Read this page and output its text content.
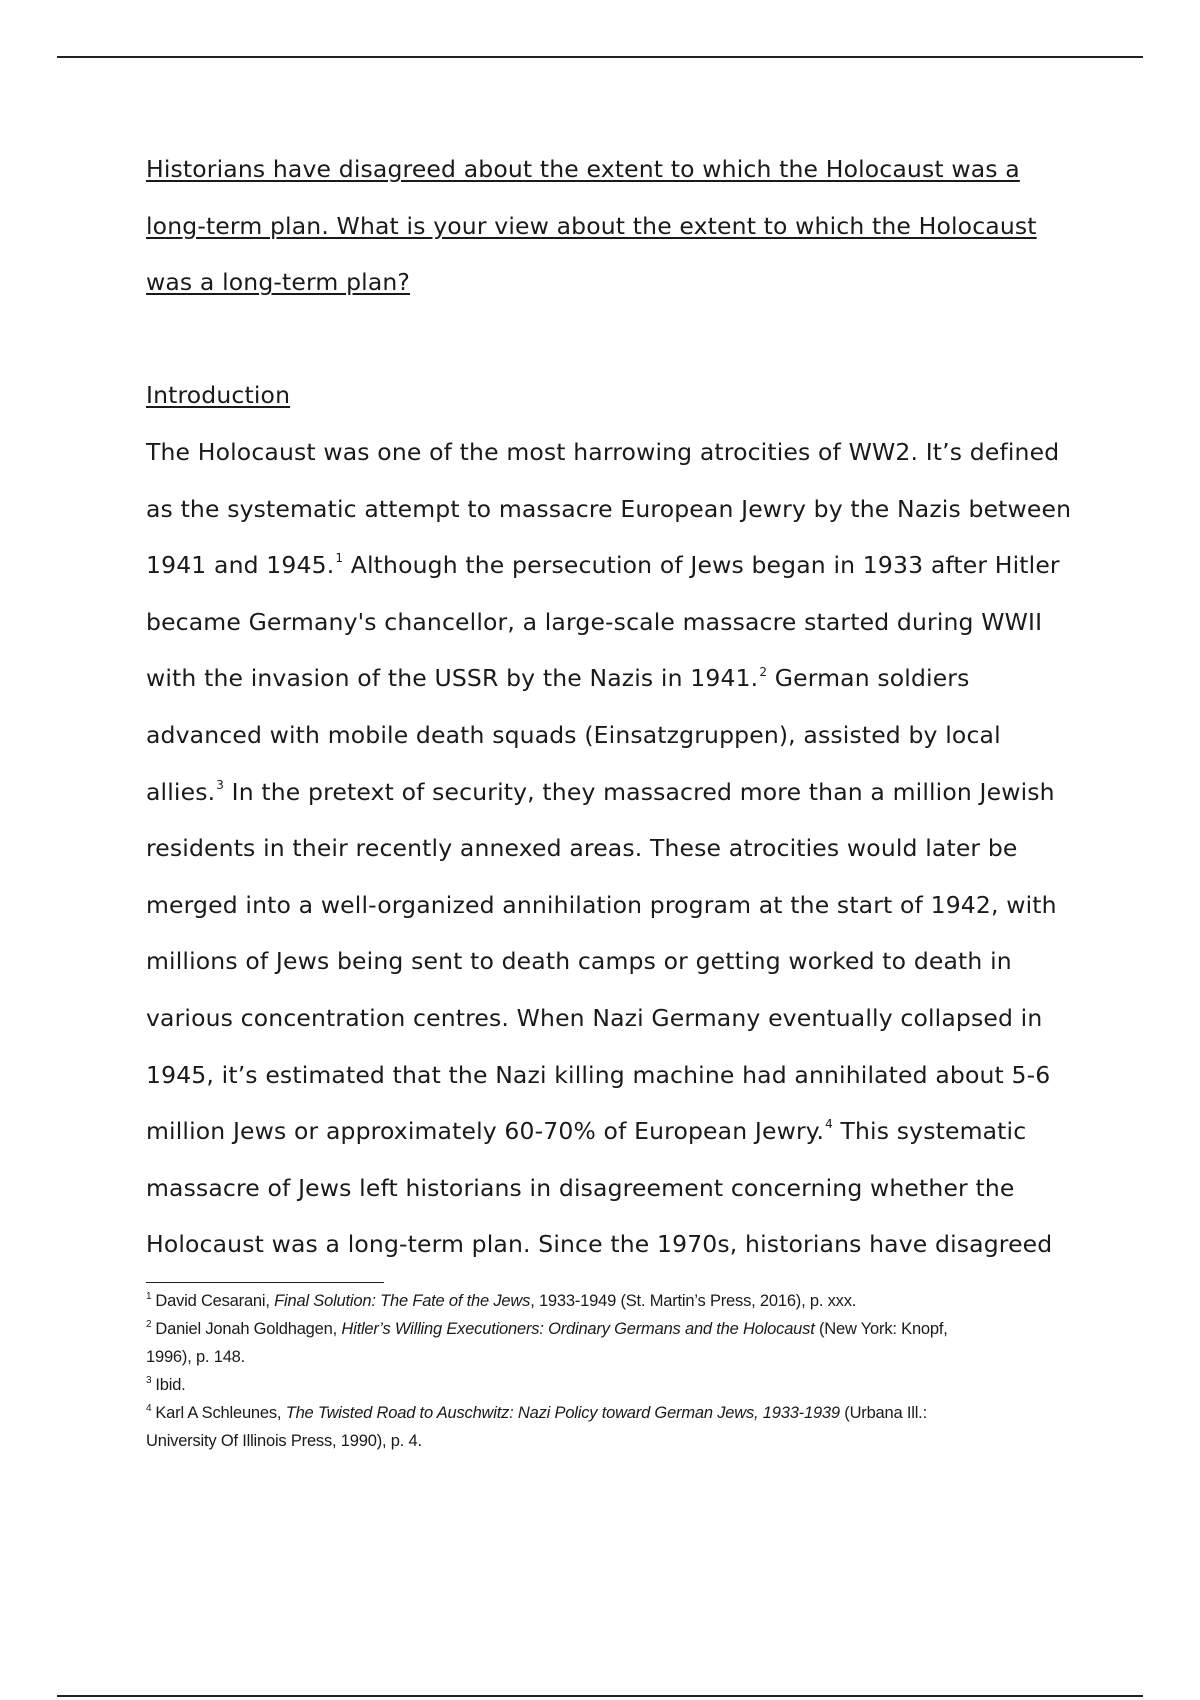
Historians have disagreed about the extent to which the Holocaust was a
long-term plan. What is your view about the extent to which the Holocaust
was a long-term plan?
Introduction
The Holocaust was one of the most harrowing atrocities of WW2. It’s defined
as the systematic attempt to massacre European Jewry by the Nazis between
1941 and 1945.$^1$ Although the persecution of Jews began in 1933 after Hitler
became Germany's chancellor, a large-scale massacre started during WWII
with the invasion of the USSR by the Nazis in 1941.$^2$ German soldiers
advanced with mobile death squads (Einsatzgruppen), assisted by local
allies.$^3$ In the pretext of security, they massacred more than a million Jewish
residents in their recently annexed areas. These atrocities would later be
merged into a well-organized annihilation program at the start of 1942, with
millions of Jews being sent to death camps or getting worked to death in
various concentration centres. When Nazi Germany eventually collapsed in
1945, it’s estimated that the Nazi killing machine had annihilated about 5-6
million Jews or approximately 60-70% of European Jewry.$^4$ This systematic
massacre of Jews left historians in disagreement concerning whether the
Holocaust was a long-term plan. Since the 1970s, historians have disagreed

$^1$ David Cesarani, Final Solution: The Fate of the Jews, 1933-1949 (St. Martin’s Press, 2016), p. xxx.

$^2$ Daniel Jonah Goldhagen, Hitler’s Willing Executioners: Ordinary Germans and the Holocaust (New York: Knopf,
1996), p. 148.

$^3$ Ibid.

$^4$ Karl A Schleunes, The Twisted Road to Auschwitz: Nazi Policy toward German Jews, 1933-1939 (Urbana Ill.:
University Of Illinois Press, 1990), p. 4.
